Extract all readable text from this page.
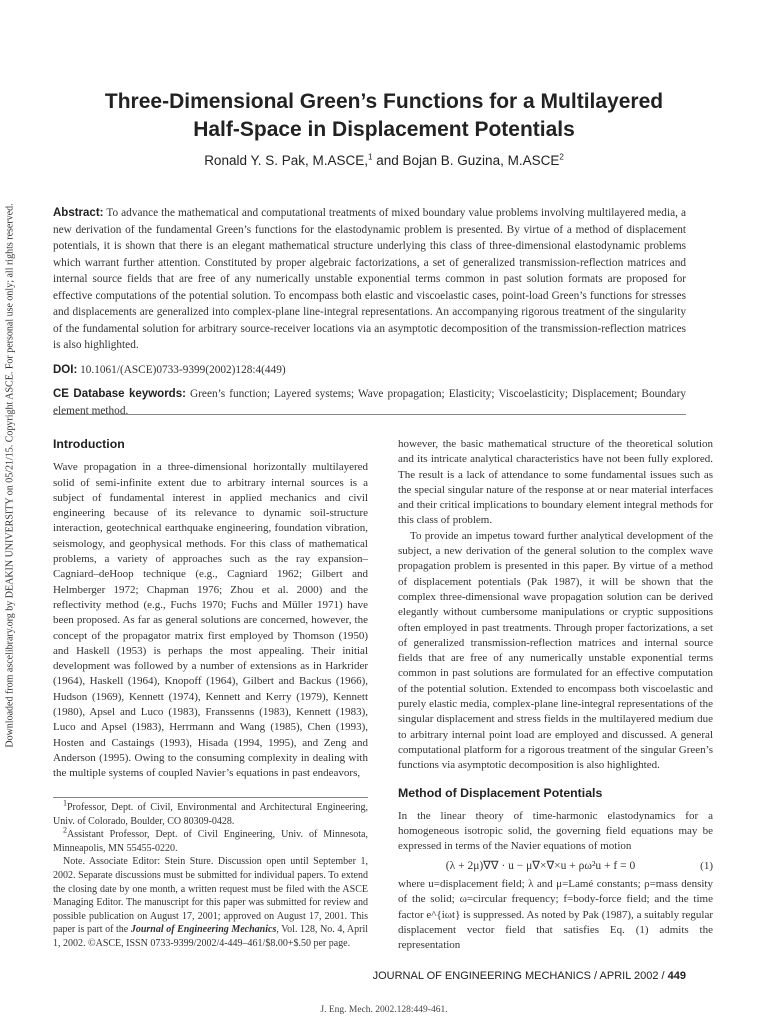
Downloaded from ascelibrary.org by DEAKIN UNIVERSITY on 05/21/15. Copyright ASCE. For personal use only; all rights reserved.
Three-Dimensional Green’s Functions for a Multilayered
Half-Space in Displacement Potentials
Ronald Y. S. Pak, M.ASCE,$^1$ and Bojan B. Guzina, M.ASCE$^2$
Abstract: To advance the mathematical and computational treatments of mixed boundary value problems involving multilayered media, a new derivation of the fundamental Green’s functions for the elastodynamic problem is presented. By virtue of a method of displacement potentials, it is shown that there is an elegant mathematical structure underlying this class of three-dimensional elastodynamic problems which warrant further attention. Constituted by proper algebraic factorizations, a set of generalized transmission-reflection matrices and internal source fields that are free of any numerically unstable exponential terms common in past solution formats are proposed for effective computations of the potential solution. To encompass both elastic and viscoelastic cases, point-load Green’s functions for stresses and displacements are generalized into complex-plane line-integral representations. An accompanying rigorous treatment of the singularity of the fundamental solution for arbitrary source-receiver locations via an asymptotic decomposition of the transmission-reflection matrices is also highlighted.
DOI: 10.1061/(ASCE)0733-9399(2002)128:4(449)
CE Database keywords: Green’s function; Layered systems; Wave propagation; Elasticity; Viscoelasticity; Displacement; Boundary element method.
Introduction

Wave propagation in a three-dimensional horizontally multilayered solid of semi-infinite extent due to arbitrary internal sources is a subject of fundamental interest in applied mechanics and civil engineering because of its relevance to dynamic soil-structure interaction, geotechnical earthquake engineering, foundation vibration, seismology, and geophysical methods. For this class of mathematical problems, a variety of approaches such as the ray expansion–Cagniard–deHoop technique (e.g., Cagniard 1962; Gilbert and Helmberger 1972; Chapman 1976; Zhou et al. 2000) and the reflectivity method (e.g., Fuchs 1970; Fuchs and Müller 1971) have been proposed. As far as general solutions are concerned, however, the concept of the propagator matrix first employed by Thomson (1950) and Haskell (1953) is perhaps the most appealing. Their initial development was followed by a number of extensions as in Harkrider (1964), Haskell (1964), Knopoff (1964), Gilbert and Backus (1966), Hudson (1969), Kennett (1974), Kennett and Kerry (1979), Kennett (1980), Apsel and Luco (1983), Franssenns (1983), Kennett (1983), Luco and Apsel (1983), Herrmann and Wang (1985), Chen (1993), Hosten and Castaings (1993), Hisada (1994, 1995), and Zeng and Anderson (1995). Owing to the consuming complexity in dealing with the multiple systems of coupled Navier’s equations in past endeavors,

$^1$Professor, Dept. of Civil, Environmental and Architectural Engineering, Univ. of Colorado, Boulder, CO 80309-0428.

$^2$Assistant Professor, Dept. of Civil Engineering, Univ. of Minnesota, Minneapolis, MN 55455-0220.

Note. Associate Editor: Stein Sture. Discussion open until September 1, 2002. Separate discussions must be submitted for individual papers. To extend the closing date by one month, a written request must be filed with the ASCE Managing Editor. The manuscript for this paper was submitted for review and possible publication on August 17, 2001; approved on August 17, 2001. This paper is part of the Journal of Engineering Mechanics, Vol. 128, No. 4, April 1, 2002. ©ASCE, ISSN 0733-9399/2002/4-449–461/$8.00+$.50 per page.

however, the basic mathematical structure of the theoretical solution and its intricate analytical characteristics have not been fully explored. The result is a lack of attendance to some fundamental issues such as the special singular nature of the response at or near material interfaces and their critical implications to boundary element integral methods for this class of problem.

To provide an impetus toward further analytical development of the subject, a new derivation of the general solution to the complex wave propagation problem is presented in this paper. By virtue of a method of displacement potentials (Pak 1987), it will be shown that the complex three-dimensional wave propagation solution can be derived elegantly without cumbersome manipulations or cryptic suppositions often employed in past treatments. Through proper factorizations, a set of generalized transmission-reflection matrices and internal source fields that are free of any numerically unstable exponential terms common in past solutions are formulated for an effective computation of the potential solution. Extended to encompass both viscoelastic and purely elastic media, complex-plane line-integral representations of the singular displacement and stress fields in the multilayered medium due to arbitrary internal point load are employed and discussed. A general computational platform for a rigorous treatment of the singular Green’s functions via asymptotic decomposition is also highlighted.

Method of Displacement Potentials

In the linear theory of time-harmonic elastodynamics for a homogeneous isotropic solid, the governing field equations may be expressed in terms of the Navier equations of motion

(λ + 2μ)∇∇ · u − μ∇×∇×u + ρω²u + f = 0	(1)

where u=displacement field; λ and μ=Lamé constants; ρ=mass density of the solid; ω=circular frequency; f=body-force field; and the time factor e^{iωt} is suppressed. As noted by Pak (1987), a suitably regular displacement vector field that satisfies Eq. (1) admits the representation

JOURNAL OF ENGINEERING MECHANICS / APRIL 2002 / 449
J. Eng. Mech. 2002.128:449-461.
